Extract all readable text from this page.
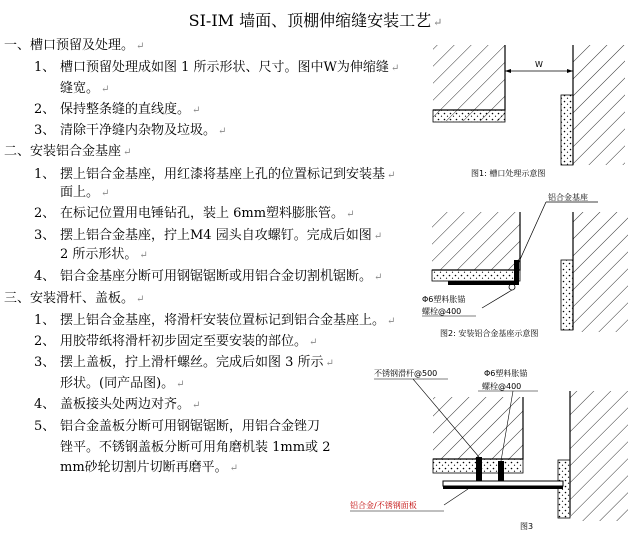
SI-IM 墙面、顶棚伸缩缝安装工艺 ↵
一、槽口预留及处理。 ↵
1、 槽口预留处理成如图 1 所示形状、尺寸。图中W为伸缩缝 ↵
缝宽。 ↵
2、 保持整条缝的直线度。 ↵
3、 清除干净缝内杂物及垃圾。 ↵
二、安装铝合金基座 ↵
1、 摆上铝合金基座，用红漆将基座上孔的位置标记到安装基 ↵
面上。 ↵
2、 在标记位置用电锤钻孔，装上 6mm塑料膨胀管。 ↵
3、 摆上铝合金基座，拧上M4 园头自攻螺钉。完成后如图 ↵
2 所示形状。 ↵
4、 铝合金基座分断可用钢锯锯断或用铝合金切割机锯断。 ↵
三、安装滑杆、盖板。 ↵
1、 摆上铝合金基座，将滑杆安装位置标记到铝合金基座上。 ↵
2、 用胶带纸将滑杆初步固定至要安装的部位。 ↵
3、 摆上盖板，拧上滑杆螺丝。完成后如图 3 所示 ↵
形状。(同产品图)。 ↵
4、 盖板接头处两边对齐。 ↵
5、 铝合金盖板分断可用钢锯锯断，用铝合金锉刀
锉平。不锈钢盖板分断可用角磨机装 1mm或 2
mm砂轮切割片切断再磨平。 ↵
W
图1: 槽口处理示意图
铝合金基座
Φ6塑料胀锚
螺栓@400
图2: 安装铝合金基座示意图
不锈钢滑杆@500	Φ6塑料胀锚
螺栓@400
铝合金/不锈钢面板
图3
